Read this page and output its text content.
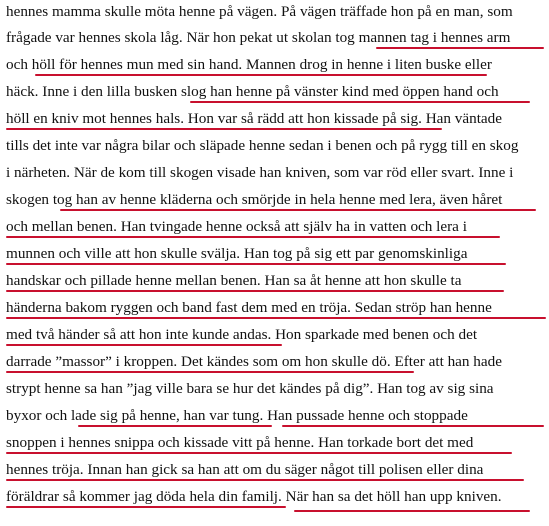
hennes mamma skulle möta henne på vägen. På vägen träffade hon på en man, som

frågade var hennes skola låg. När hon pekat ut skolan tog mannen tag i hennes arm

och höll för hennes mun med sin hand. Mannen drog in henne i liten buske eller

häck. Inne i den lilla busken slog han henne på vänster kind med öppen hand och

höll en kniv mot hennes hals. Hon var så rädd att hon kissade på sig. Han väntade

tills det inte var några bilar och släpade henne sedan i benen och på rygg till en skog

i närheten. När de kom till skogen visade han kniven, som var röd eller svart. Inne i

skogen tog han av henne kläderna och smörjde in hela henne med lera, även håret

och mellan benen. Han tvingade henne också att själv ha in vatten och lera i

munnen och ville att hon skulle svälja. Han tog på sig ett par genomskinliga

handskar och pillade henne mellan benen. Han sa åt henne att hon skulle ta

händerna bakom ryggen och band fast dem med en tröja. Sedan ströp han henne

med två händer så att hon inte kunde andas. Hon sparkade med benen och det

darrade ”massor” i kroppen. Det kändes som om hon skulle dö. Efter att han hade

strypt henne sa han ”jag ville bara se hur det kändes på dig”. Han tog av sig sina

byxor och lade sig på henne, han var tung. Han pussade henne och stoppade

snoppen i hennes snippa och kissade vitt på henne. Han torkade bort det med

hennes tröja. Innan han gick sa han att om du säger något till polisen eller dina

föräldrar så kommer jag döda hela din familj. När han sa det höll han upp kniven.
